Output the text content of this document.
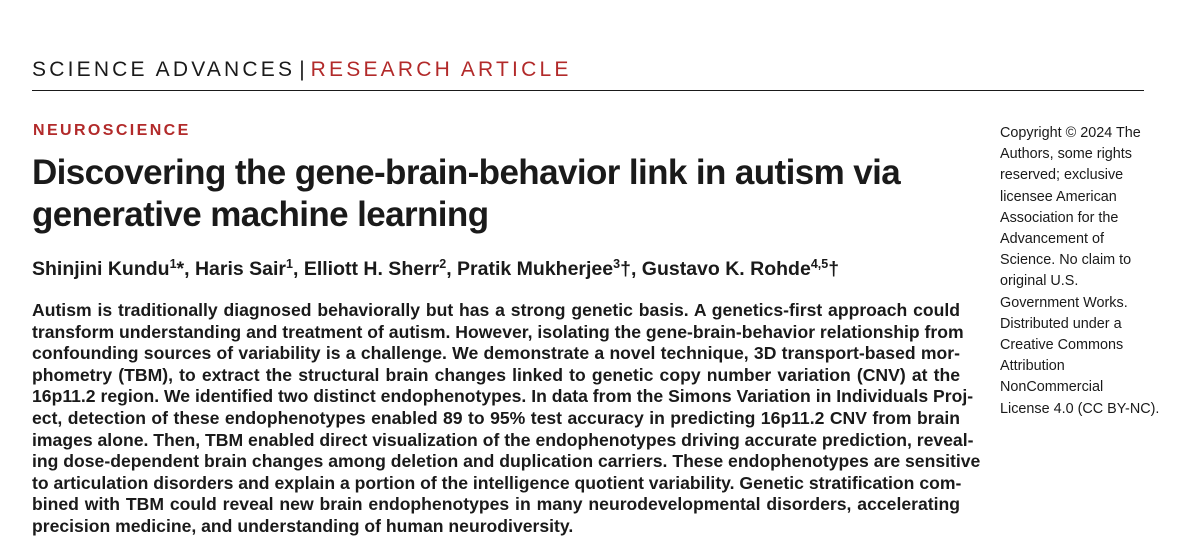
SCIENCE ADVANCES | RESEARCH ARTICLE
NEUROSCIENCE
Discovering the gene-brain-behavior link in autism via
generative machine learning
Shinjini Kundu$^1$*, Haris Sair$^1$, Elliott H. Sherr$^2$, Pratik Mukherjee$^3$†, Gustavo K. Rohde$^{4,5}$†
Autism is traditionally diagnosed behaviorally but has a strong genetic basis. A genetics-first approach could
transform understanding and treatment of autism. However, isolating the gene-brain-behavior relationship from
confounding sources of variability is a challenge. We demonstrate a novel technique, 3D transport-based mor-
phometry (TBM), to extract the structural brain changes linked to genetic copy number variation (CNV) at the
16p11.2 region. We identified two distinct endophenotypes. In data from the Simons Variation in Individuals Proj-
ect, detection of these endophenotypes enabled 89 to 95% test accuracy in predicting 16p11.2 CNV from brain
images alone. Then, TBM enabled direct visualization of the endophenotypes driving accurate prediction, reveal-
ing dose-dependent brain changes among deletion and duplication carriers. These endophenotypes are sensitive
to articulation disorders and explain a portion of the intelligence quotient variability. Genetic stratification com-
bined with TBM could reveal new brain endophenotypes in many neurodevelopmental disorders, accelerating
precision medicine, and understanding of human neurodiversity.
Copyright © 2024 The
Authors, some rights
reserved; exclusive
licensee American
Association for the
Advancement of
Science. No claim to
original U.S.
Government Works.
Distributed under a
Creative Commons
Attribution
NonCommercial
License 4.0 (CC BY-NC).
